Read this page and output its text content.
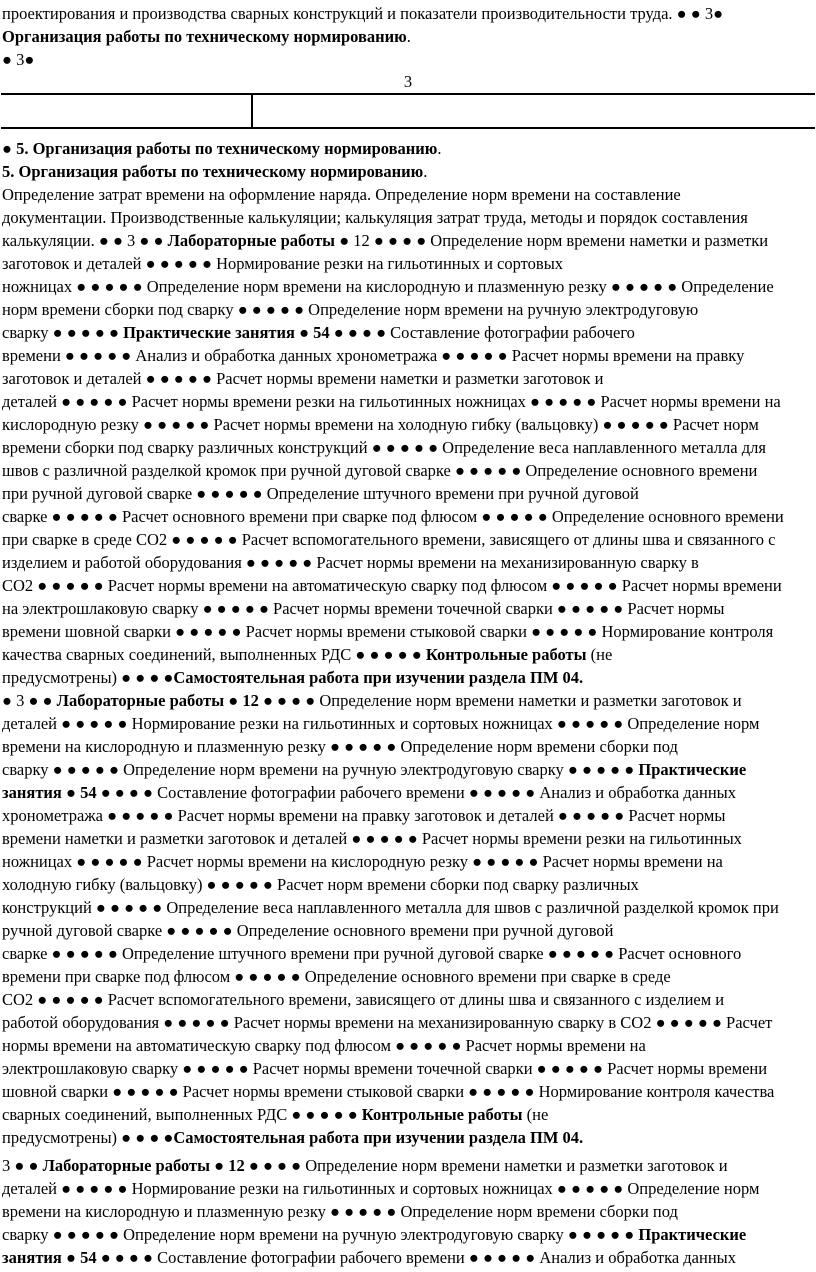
3
проектирования и производства сварных конструкций и показатели производительности труда. ● ● 3●
Организация работы по техническому нормированию.
● 3●
● 5. Организация работы по техническому нормированию.
5. Организация работы по техническому нормированию.
Определение затрат времени на оформление наряда. Определение норм времени на составление
документации. Производственные калькуляции; калькуляция затрат труда, методы и порядок составления
калькуляции. ● ● 3 ● ● Лабораторные работы ● 12 ● ● ● ● Определение норм времени наметки и разметки
заготовок и деталей ● ● ● ● ● Нормирование резки на гильотинных и сортовых
ножницах ● ● ● ● ● Определение норм времени на кислородную и плазменную резку ● ● ● ● ● Определение
норм времени сборки под сварку ● ● ● ● ● Определение норм времени на ручную электродуговую
сварку ● ● ● ● ● Практические занятия ● 54 ● ● ● ● Составление фотографии рабочего
времени ● ● ● ● ● Анализ и обработка данных хронометража ● ● ● ● ● Расчет нормы времени на правку
заготовок и деталей ● ● ● ● ● Расчет нормы времени наметки и разметки заготовок и
деталей ● ● ● ● ● Расчет нормы времени резки на гильотинных ножницах ● ● ● ● ● Расчет нормы времени на
кислородную резку ● ● ● ● ● Расчет нормы времени на холодную гибку (вальцовку) ● ● ● ● ● Расчет норм
времени сборки под сварку различных конструкций ● ● ● ● ● Определение веса наплавленного металла для
швов с различной разделкой кромок при ручной дуговой сварке ● ● ● ● ● Определение основного времени
при ручной дуговой сварке ● ● ● ● ● Определение штучного времени при ручной дуговой
сварке ● ● ● ● ● Расчет основного времени при сварке под флюсом ● ● ● ● ● Определение основного времени
при сварке в среде СО2 ● ● ● ● ● Расчет вспомогательного времени, зависящего от длины шва и связанного с
изделием и работой оборудования ● ● ● ● ● Расчет нормы времени на механизированную сварку в
СО2 ● ● ● ● ● Расчет нормы времени на автоматическую сварку под флюсом ● ● ● ● ● Расчет нормы времени
на электрошлаковую сварку ● ● ● ● ● Расчет нормы времени точечной сварки ● ● ● ● ● Расчет нормы
времени шовной сварки ● ● ● ● ● Расчет нормы времени стыковой сварки ● ● ● ● ● Нормирование контроля
качества сварных соединений, выполненных РДС ● ● ● ● ● Контрольные работы (не
предусмотрены) ● ● ● ●Самостоятельная работа при изучении раздела ПМ 04.
● 3 ● ● Лабораторные работы ● 12 ● ● ● ● Определение норм времени наметки и разметки заготовок и
деталей ● ● ● ● ● Нормирование резки на гильотинных и сортовых ножницах ● ● ● ● ● Определение норм
времени на кислородную и плазменную резку ● ● ● ● ● Определение норм времени сборки под
сварку ● ● ● ● ● Определение норм времени на ручную электродуговую сварку ● ● ● ● ● Практические
занятия ● 54 ● ● ● ● Составление фотографии рабочего времени ● ● ● ● ● Анализ и обработка данных
хронометража ● ● ● ● ● Расчет нормы времени на правку заготовок и деталей ● ● ● ● ● Расчет нормы
времени наметки и разметки заготовок и деталей ● ● ● ● ● Расчет нормы времени резки на гильотинных
ножницах ● ● ● ● ● Расчет нормы времени на кислородную резку ● ● ● ● ● Расчет нормы времени на
холодную гибку (вальцовку) ● ● ● ● ● Расчет норм времени сборки под сварку различных
конструкций ● ● ● ● ● Определение веса наплавленного металла для швов с различной разделкой кромок при
ручной дуговой сварке ● ● ● ● ● Определение основного времени при ручной дуговой
сварке ● ● ● ● ● Определение штучного времени при ручной дуговой сварке ● ● ● ● ● Расчет основного
времени при сварке под флюсом ● ● ● ● ● Определение основного времени при сварке в среде
СО2 ● ● ● ● ● Расчет вспомогательного времени, зависящего от длины шва и связанного с изделием и
работой оборудования ● ● ● ● ● Расчет нормы времени на механизированную сварку в СО2 ● ● ● ● ● Расчет
нормы времени на автоматическую сварку под флюсом ● ● ● ● ● Расчет нормы времени на
электрошлаковую сварку ● ● ● ● ● Расчет нормы времени точечной сварки ● ● ● ● ● Расчет нормы времени
шовной сварки ● ● ● ● ● Расчет нормы времени стыковой сварки ● ● ● ● ● Нормирование контроля качества
сварных соединений, выполненных РДС ● ● ● ● ● Контрольные работы (не
предусмотрены) ● ● ● ●Самостоятельная работа при изучении раздела ПМ 04.
3 ● ● Лабораторные работы ● 12 ● ● ● ● Определение норм времени наметки и разметки заготовок и
деталей ● ● ● ● ● Нормирование резки на гильотинных и сортовых ножницах ● ● ● ● ● Определение норм
времени на кислородную и плазменную резку ● ● ● ● ● Определение норм времени сборки под
сварку ● ● ● ● ● Определение норм времени на ручную электродуговую сварку ● ● ● ● ● Практические
занятия ● 54 ● ● ● ● Составление фотографии рабочего времени ● ● ● ● ● Анализ и обработка данных
